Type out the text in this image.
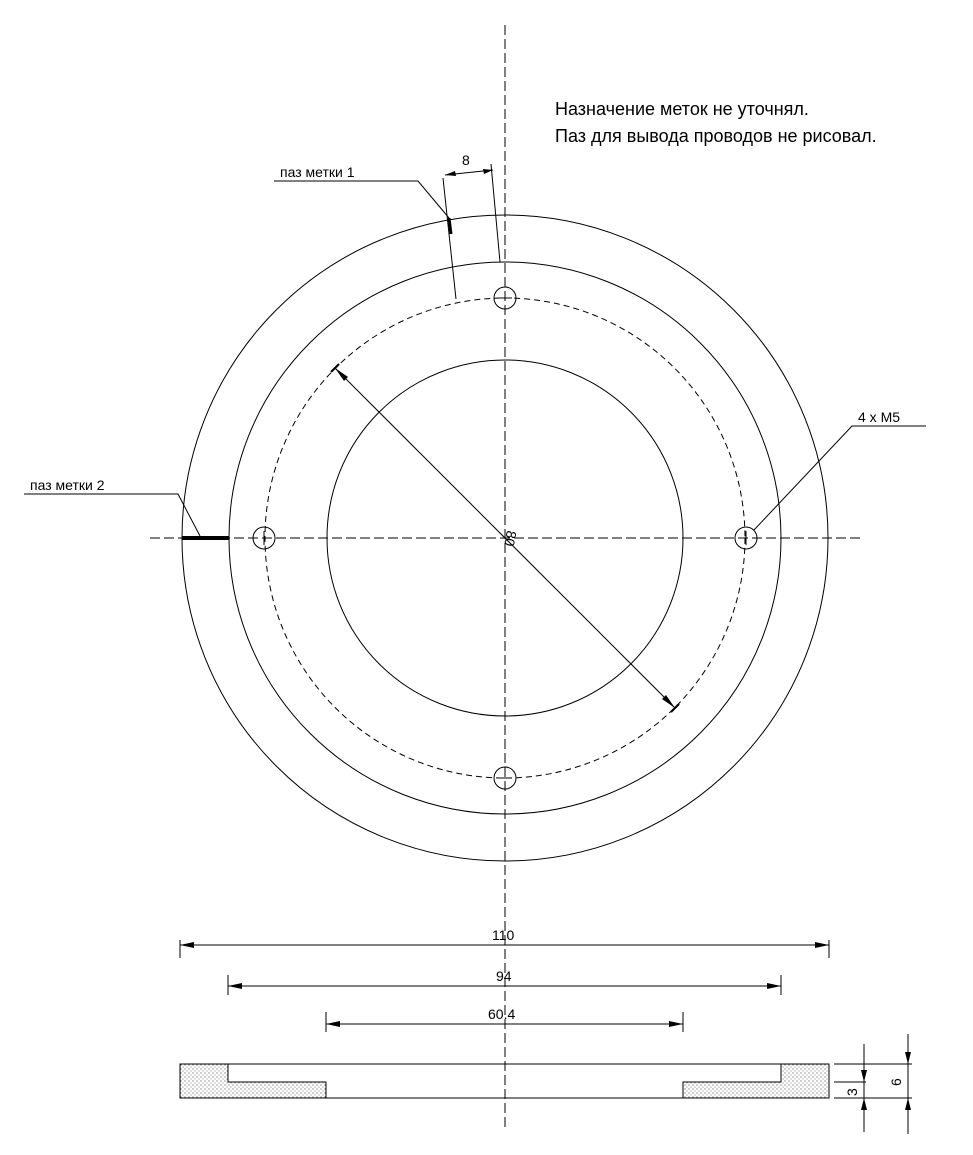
Назначение меток не уточнял.
Паз для вывода проводов не рисовал.
8
паз метки 1
паз метки 2
4 x M5
80
110
94
60.4
3
6
